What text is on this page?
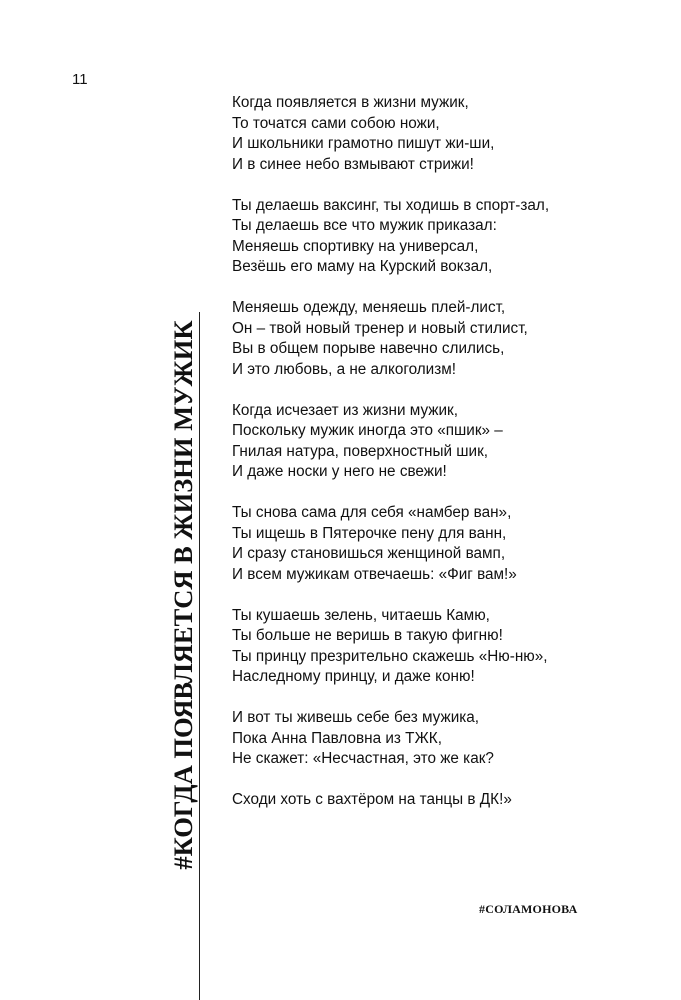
11
#КОГДА ПОЯВЛЯЕТСЯ В ЖИЗНИ МУЖИК
Когда появляется в жизни мужик,
То точатся сами собою ножи,
И школьники грамотно пишут жи-ши,
И в синее небо взмывают стрижи!
Ты делаешь ваксинг, ты ходишь в спорт-зал,
Ты делаешь все что мужик приказал:
Меняешь спортивку на универсал,
Везёшь его маму на Курский вокзал,
Меняешь одежду, меняешь плей-лист,
Он – твой новый тренер и новый стилист,
Вы в общем порыве навечно слились,
И это любовь, а не алкоголизм!
Когда исчезает из жизни мужик,
Поскольку мужик иногда это «пшик» –
Гнилая натура, поверхностный шик,
И даже носки у него не свежи!
Ты снова сама для себя «намбер ван»,
Ты ищешь в Пятерочке пену для ванн,
И сразу становишься женщиной вамп,
И всем мужикам отвечаешь: «Фиг вам!»
Ты кушаешь зелень, читаешь Камю,
Ты больше не веришь в такую фигню!
Ты принцу презрительно скажешь «Ню-ню»,
Наследному принцу, и даже коню!
И вот ты живешь себе без мужика,
Пока Анна Павловна из ТЖК,
Не скажет: «Несчастная, это же как?
Сходи хоть с вахтёром на танцы в ДК!»
#СОЛАМОНОВА
